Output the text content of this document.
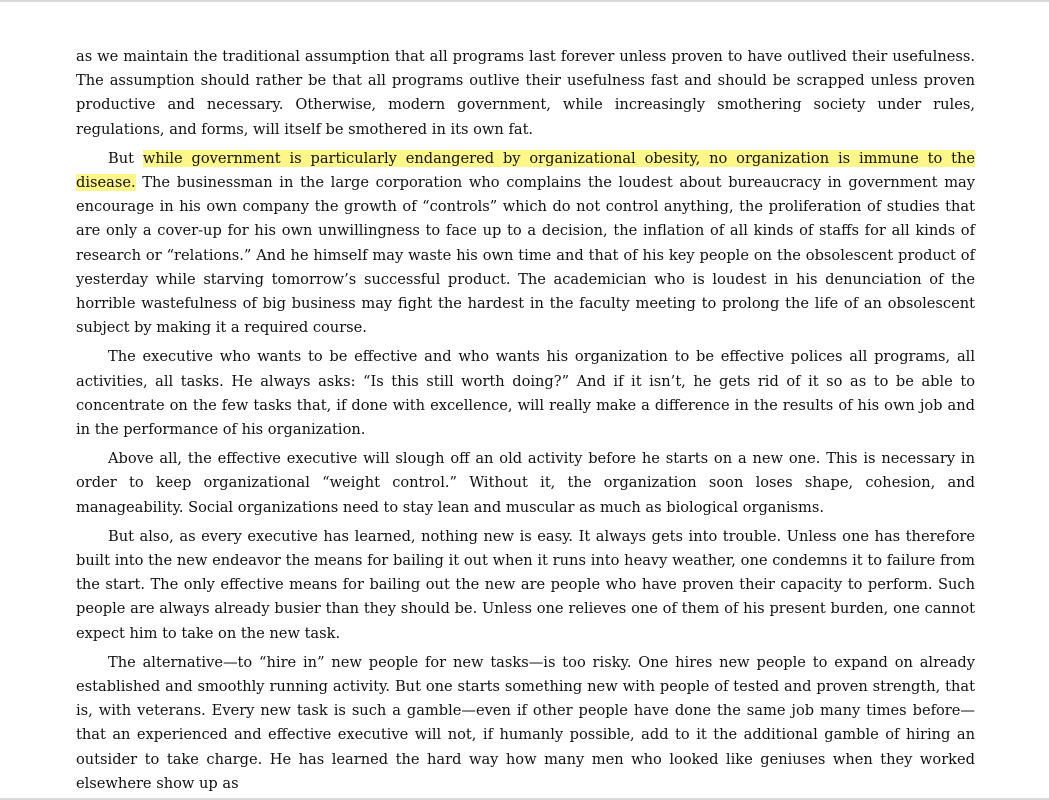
as we maintain the traditional assumption that all programs last forever unless proven to have outlived their usefulness. The assumption should rather be that all programs outlive their usefulness fast and should be scrapped unless proven productive and necessary. Otherwise, modern government, while increasingly smothering society under rules, regulations, and forms, will itself be smothered in its own fat.

But while government is particularly endangered by organizational obesity, no organization is immune to the disease. The businessman in the large corporation who complains the loudest about bureaucracy in government may encourage in his own company the growth of “controls” which do not control anything, the proliferation of studies that are only a cover-up for his own unwillingness to face up to a decision, the inflation of all kinds of staffs for all kinds of research or “relations.” And he himself may waste his own time and that of his key people on the obsolescent product of yesterday while starving tomorrow’s successful product. The academician who is loudest in his denunciation of the horrible wastefulness of big business may fight the hardest in the faculty meeting to prolong the life of an obsolescent subject by making it a required course.

The executive who wants to be effective and who wants his organization to be effective polices all programs, all activities, all tasks. He always asks: “Is this still worth doing?” And if it isn’t, he gets rid of it so as to be able to concentrate on the few tasks that, if done with excellence, will really make a difference in the results of his own job and in the performance of his organization.

Above all, the effective executive will slough off an old activity before he starts on a new one. This is necessary in order to keep organizational “weight control.” Without it, the organization soon loses shape, cohesion, and manageability. Social organizations need to stay lean and muscular as much as biological organisms.

But also, as every executive has learned, nothing new is easy. It always gets into trouble. Unless one has therefore built into the new endeavor the means for bailing it out when it runs into heavy weather, one condemns it to failure from the start. The only effective means for bailing out the new are people who have proven their capacity to perform. Such people are always already busier than they should be. Unless one relieves one of them of his present burden, one cannot expect him to take on the new task.

The alternative—to “hire in” new people for new tasks—is too risky. One hires new people to expand on already established and smoothly running activity. But one starts something new with people of tested and proven strength, that is, with veterans. Every new task is such a gamble—even if other people have done the same job many times before—that an experienced and effective executive will not, if humanly possible, add to it the additional gamble of hiring an outsider to take charge. He has learned the hard way how many men who looked like geniuses when they worked elsewhere show up as
